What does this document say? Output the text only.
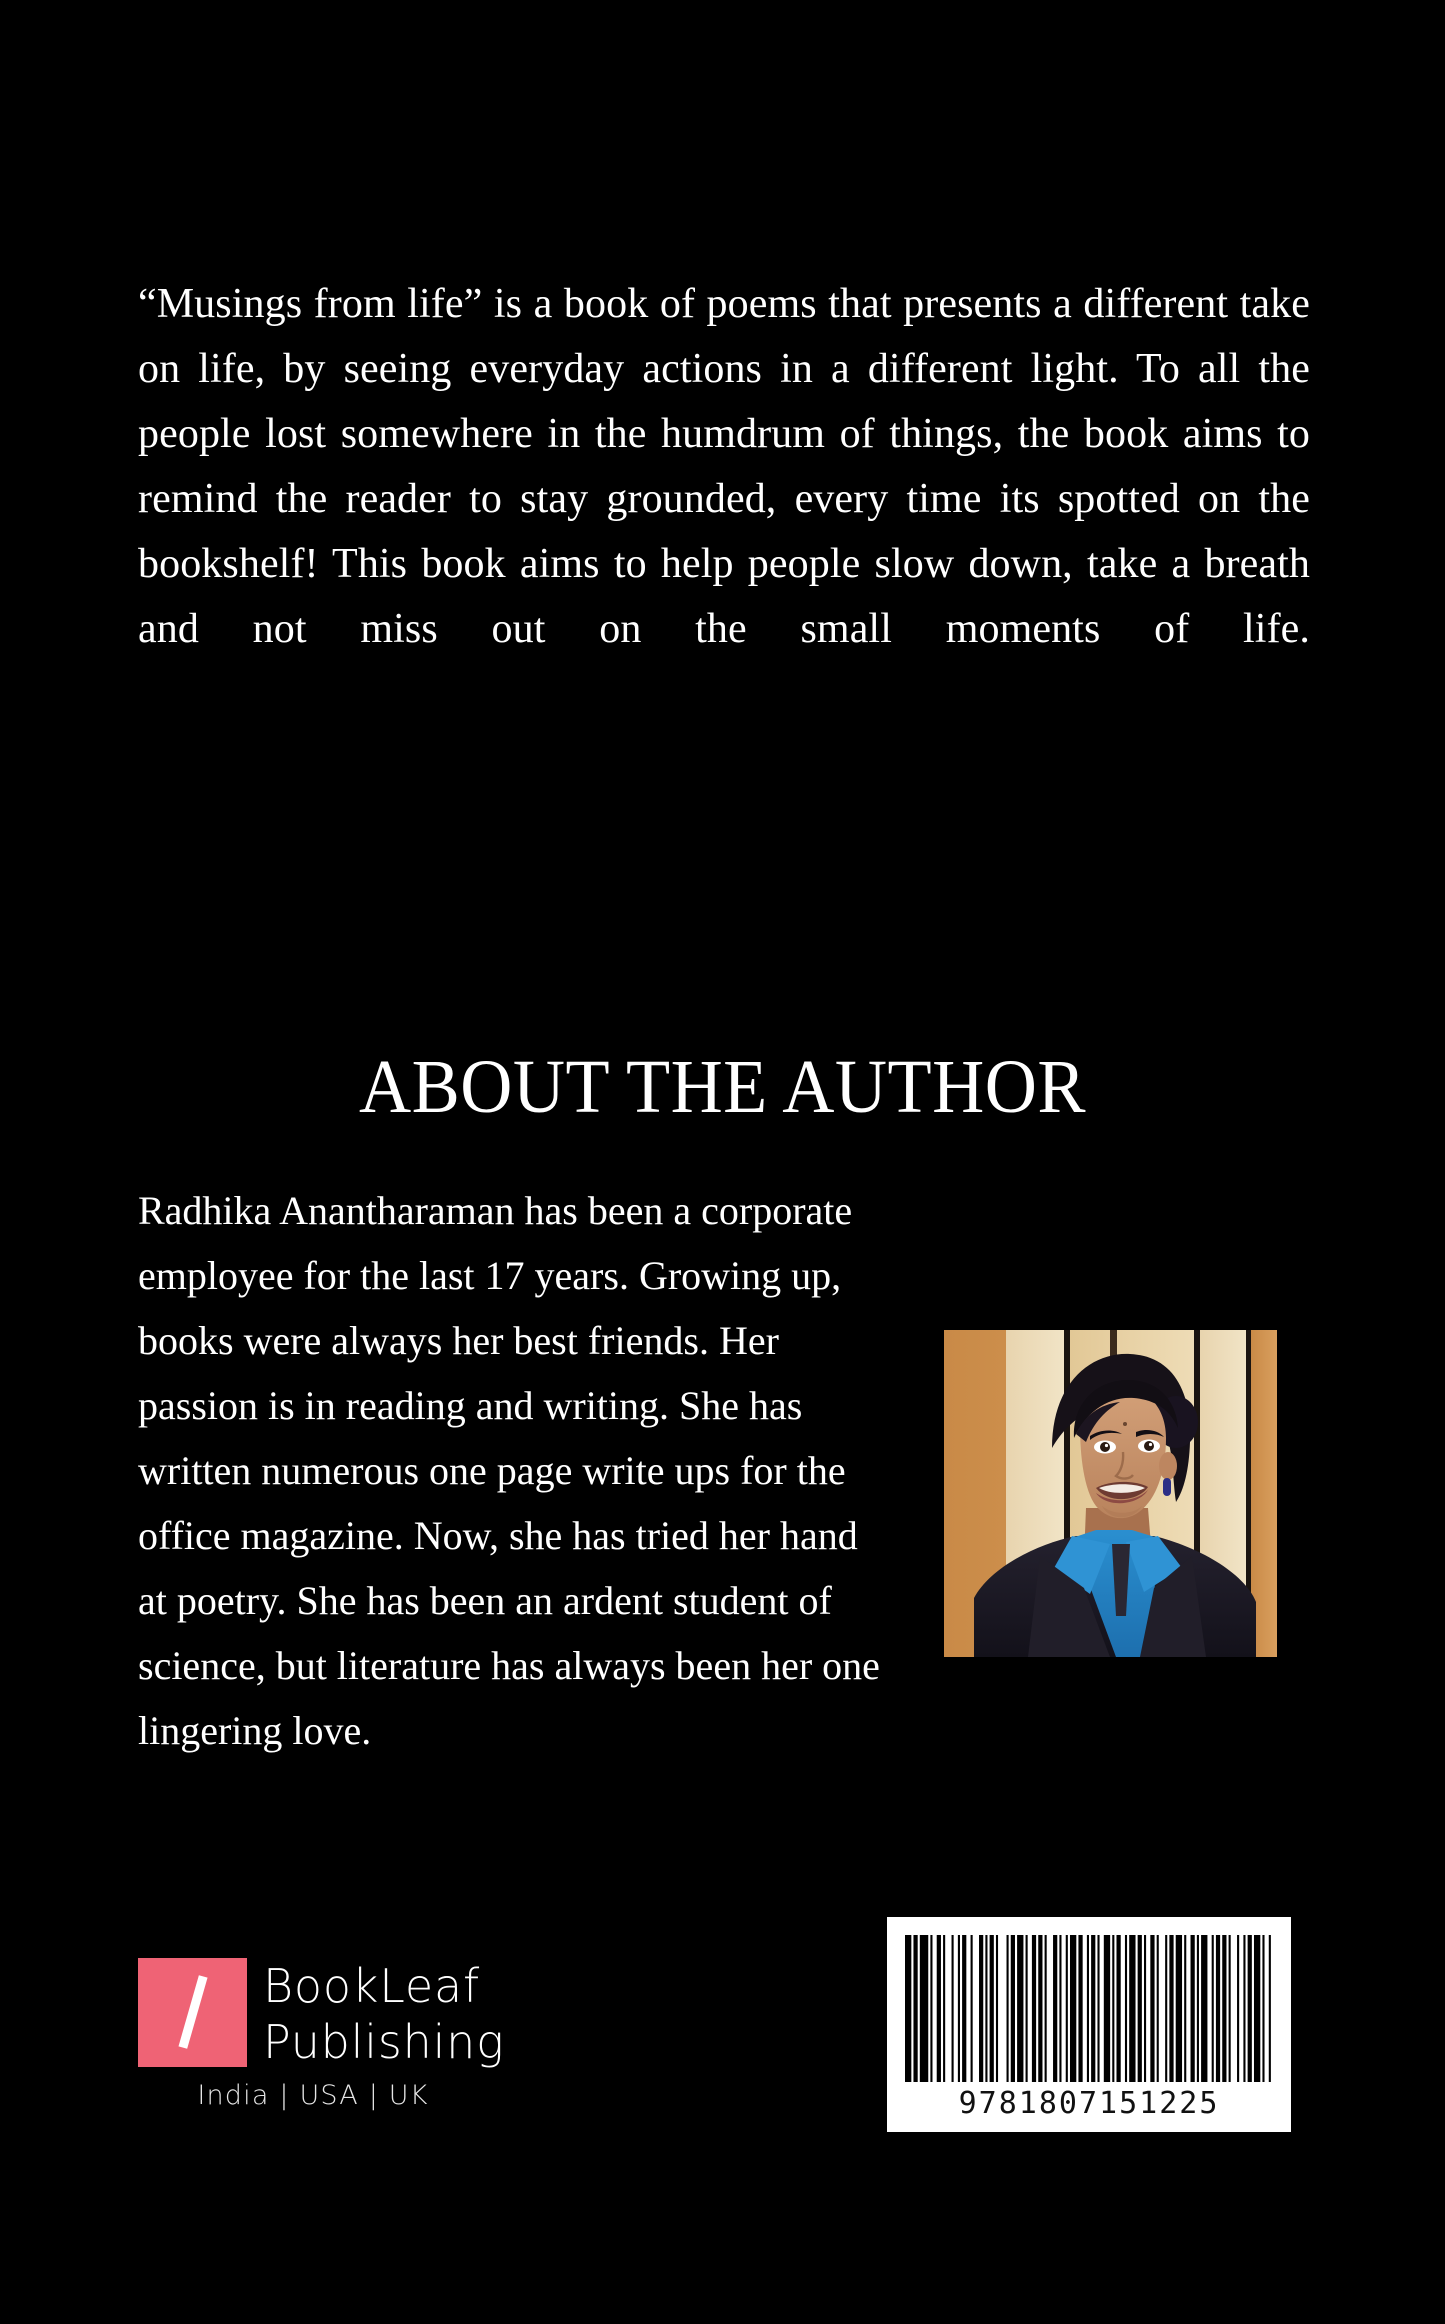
“Musings from life” is a book of poems that presents a different take on life, by seeing everyday actions in a different light. To all the people lost somewhere in the humdrum of things, the book aims to remind the reader to stay grounded, every time its spotted on the bookshelf! This book aims to help people slow down, take a breath and not miss out on the small moments of life.
ABOUT THE AUTHOR
Radhika Anantharaman has been a corporate employee for the last 17 years. Growing up, books were always her best friends. Her passion is in reading and writing. She has written numerous one page write ups for the office magazine. Now, she has tried her hand at poetry. She has been an ardent student of science, but literature has always been her one lingering love.
BookLeaf
Publishing
India | USA | UK	9781807151225
